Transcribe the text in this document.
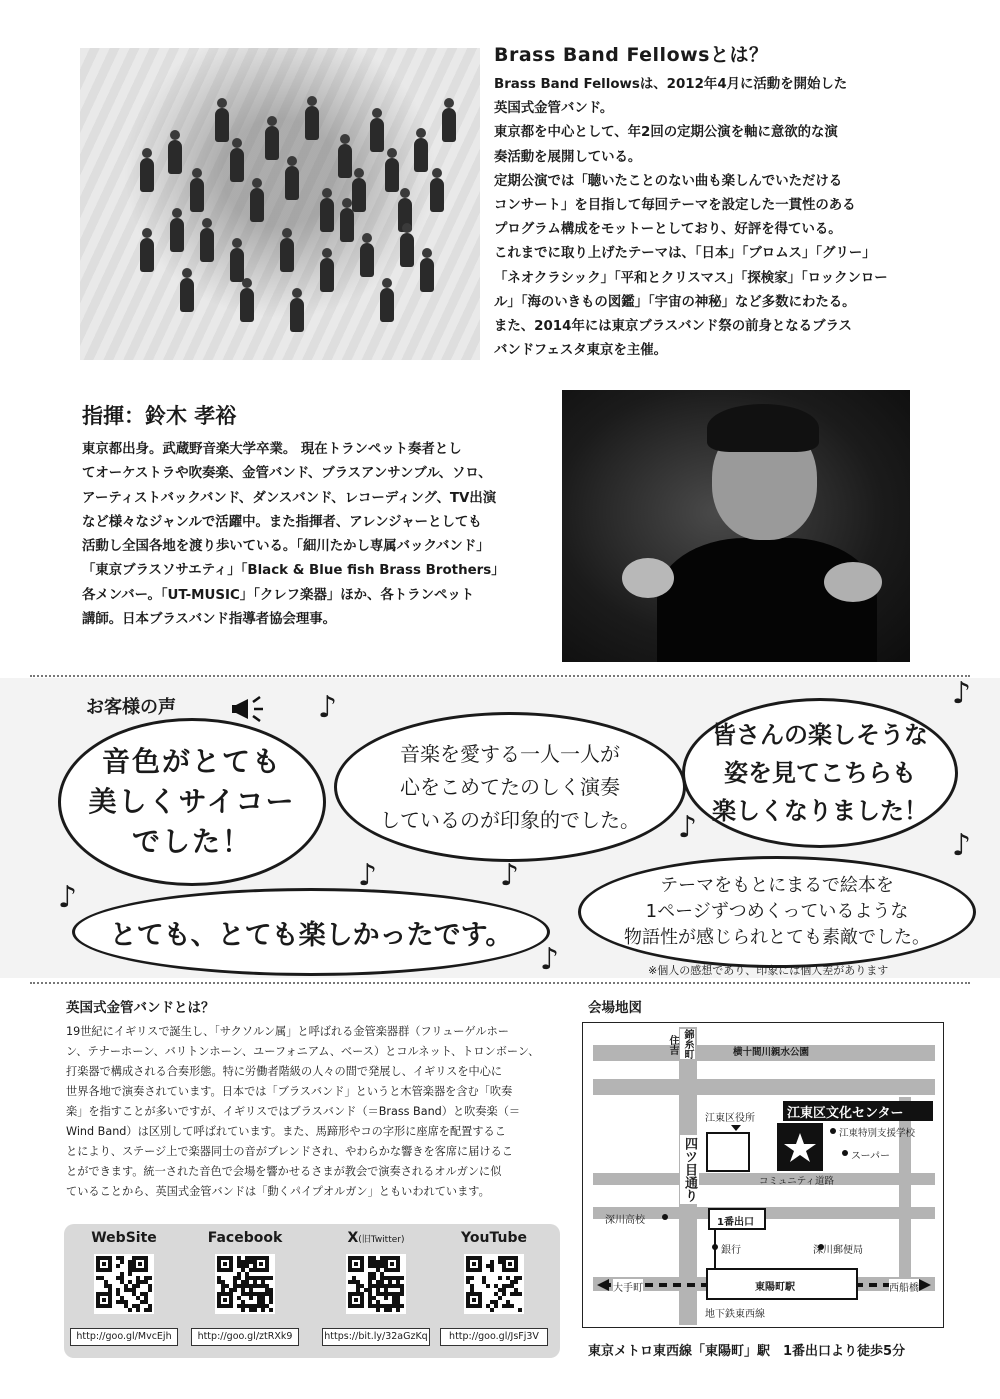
Brass Band Fellowsとは？

Brass Band Fellowsは、2012年4月に活動を開始した

英国式金管バンド。

東京都を中心として、年2回の定期公演を軸に意欲的な演

奏活動を展開している。

定期公演では「聴いたことのない曲も楽しんでいただける

コンサート」を目指して毎回テーマを設定した一貫性のある

プログラム構成をモットーとしており、好評を得ている。

これまでに取り上げたテーマは、「日本」「ブロムス」「グリー」

「ネオクラシック」「平和とクリスマス」「探検家」「ロックンロー

ル」「海のいきもの図鑑」「宇宙の神秘」など多数にわたる。

また、2014年には東京ブラスバンド祭の前身となるブラス

バンドフェスタ東京を主催。

指揮：鈴木 孝裕

東京都出身。武蔵野音楽大学卒業。 現在トランペット奏者とし

てオーケストラや吹奏楽、金管バンド、ブラスアンサンブル、ソロ、

アーティストバックバンド、ダンスバンド、レコーディング、TV出演

など様々なジャンルで活躍中。また指揮者、アレンジャーとしても

活動し全国各地を渡り歩いている。「細川たかし専属バックバンド」

「東京ブラスソサエティ」「Black & Blue fish Brass Brothers」

各メンバー。「UT-MUSIC」「クレフ楽器」ほか、各トランペット

講師。日本ブラスバンド指導者協会理事。

お客様の声
音色がとても
美しくサイコー
でした！
音楽を愛する一人一人が
心をこめてたのしく演奏
しているのが印象的でした。
皆さんの楽しそうな
姿を見てこちらも
楽しくなりました！
テーマをもとにまるで絵本を
1ページずつめくっているような
物語性が感じられとても素敵でした。
とても、とても楽しかったです。
♪	♪
♪
♪
♪	♪
♪
♪	※個人の感想であり、印象には個人差があります
英国式金管バンドとは？

19世紀にイギリスで誕生し、「サクソルン属」と呼ばれる金管楽器群（フリューゲルホー

ン、テナーホーン、バリトンホーン、ユーフォニアム、ベース）とコルネット、トロンボーン、

打楽器で構成される合奏形態。特に労働者階級の人々の間で発展し、イギリスを中心に

世界各地で演奏されています。日本では「ブラスバンド」というと木管楽器を含む「吹奏

楽」を指すことが多いですが、イギリスではブラスバンド（＝Brass Band）と吹奏楽（＝

Wind Band）は区別して呼ばれています。また、馬蹄形やコの字形に座席を配置するこ

とにより、ステージ上で楽器同士の音がブレンドされ、やわらかな響きを客席に届けるこ

とができます。統一された音色で会場を響かせるさまが教会で演奏されるオルガンに似

ていることから、英国式金管バンドは「動くパイプオルガン」ともいわれています。

WebSite
http://goo.gl/MvcEjh
Facebook
http://goo.gl/ztRXk9
X(旧Twitter)
https://bit.ly/32aGzKq
YouTube
http://goo.gl/JsFj3V
会場地図
横十間川親水公園
錦糸町
住吉
江東区役所 江東区文化センター
江東特別支援学校
スーパー
四ツ目通り	コミュニティ道路
深川高校	1番出口
銀行	深川郵便局
大手町	東陽町駅	西船橋
地下鉄東西線
東京メトロ東西線「東陽町」駅　1番出口より徒歩5分
